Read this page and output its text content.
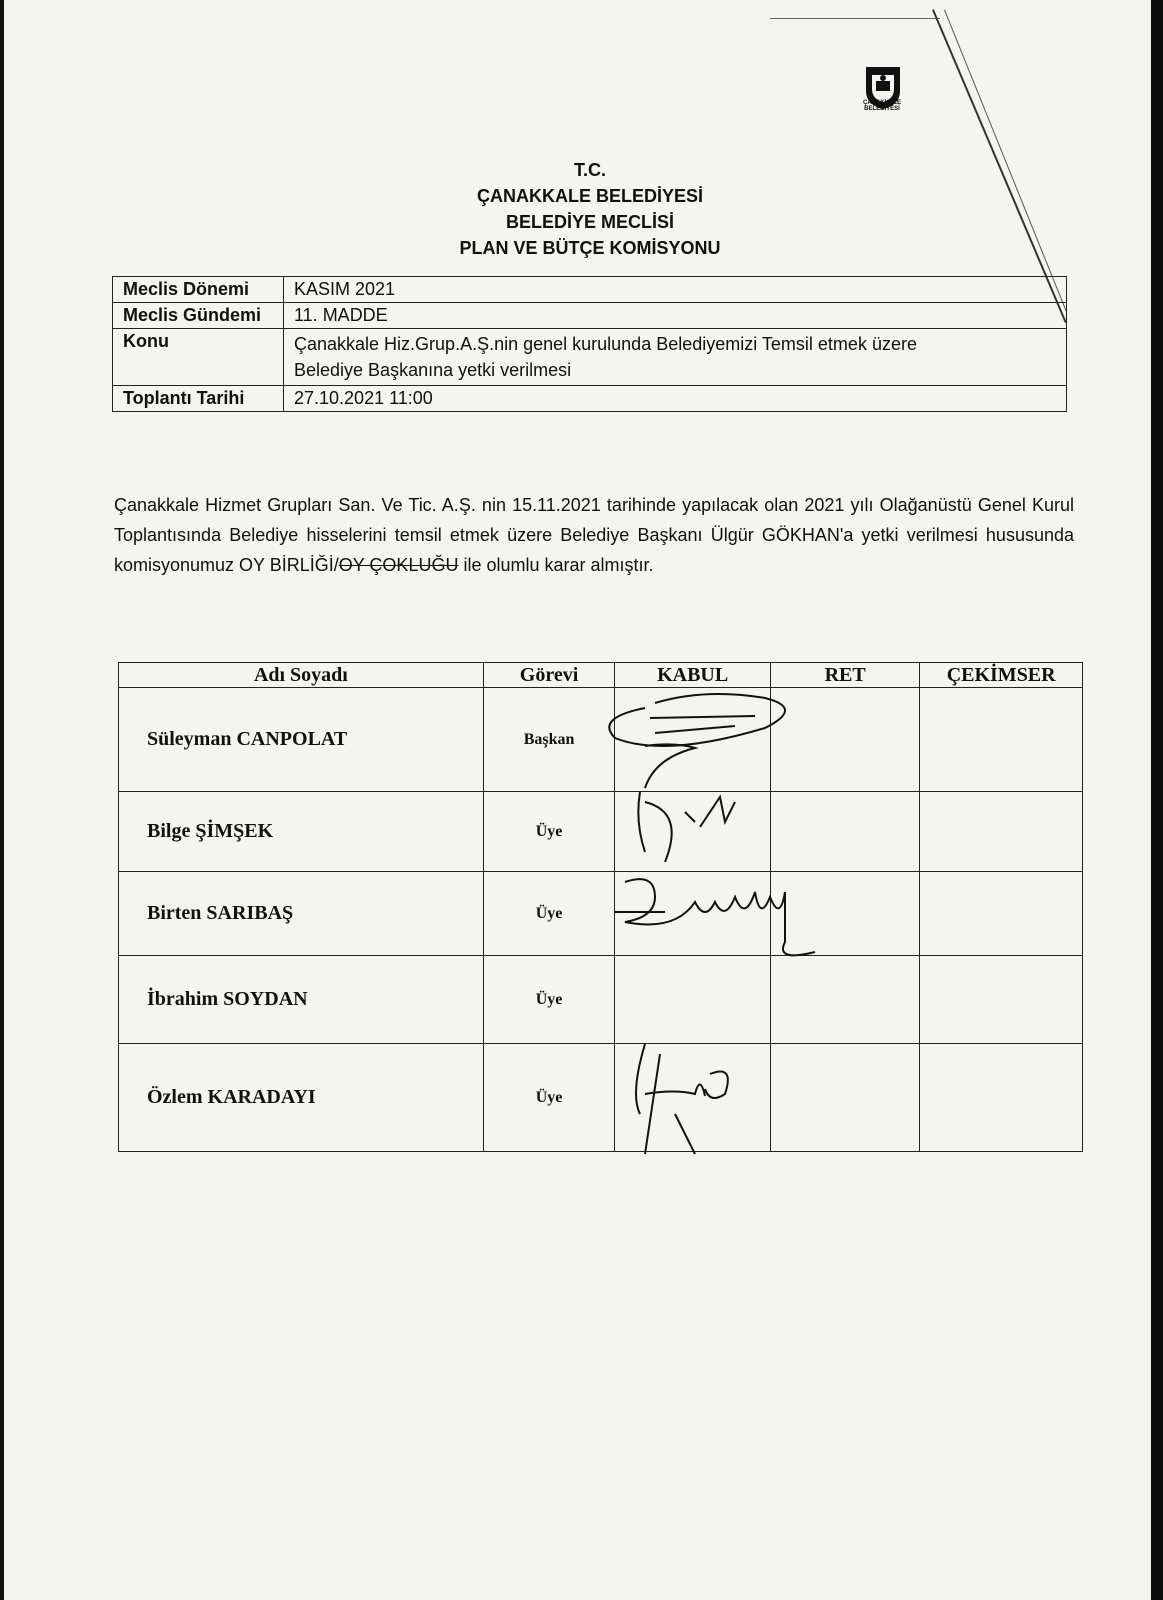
ÇANAKKALE BELEDİYESİ
T.C.
ÇANAKKALE BELEDİYESİ
BELEDİYE MECLİSİ
PLAN VE BÜTÇE KOMİSYONU
Meclis Dönemi	KASIM 2021
Meclis Gündemi	11. MADDE
Konu	Çanakkale Hiz.Grup.A.Ş.nin genel kurulunda Belediyemizi Temsil etmek üzere
Belediye Başkanına yetki verilmesi

Toplantı Tarihi	27.10.2021 11:00
Çanakkale Hizmet Grupları San. Ve Tic. A.Ş. nin 15.11.2021 tarihinde yapılacak olan 2021 yılı Olağanüstü Genel Kurul Toplantısında Belediye hisselerini temsil etmek üzere Belediye Başkanı Ülgür GÖKHAN'a yetki verilmesi hususunda komisyonumuz OY BİRLİĞİ/OY ÇOKLUĞU ile olumlu karar almıştır.
Adı Soyadı	Görevi	KABUL	RET	ÇEKİMSER
Süleyman CANPOLAT	Başkan	

Bilge ŞİMŞEK	Üye	

Birten SARIBAŞ	Üye	

İbrahim SOYDAN	Üye			
Özlem KARADAYI	Üye	
